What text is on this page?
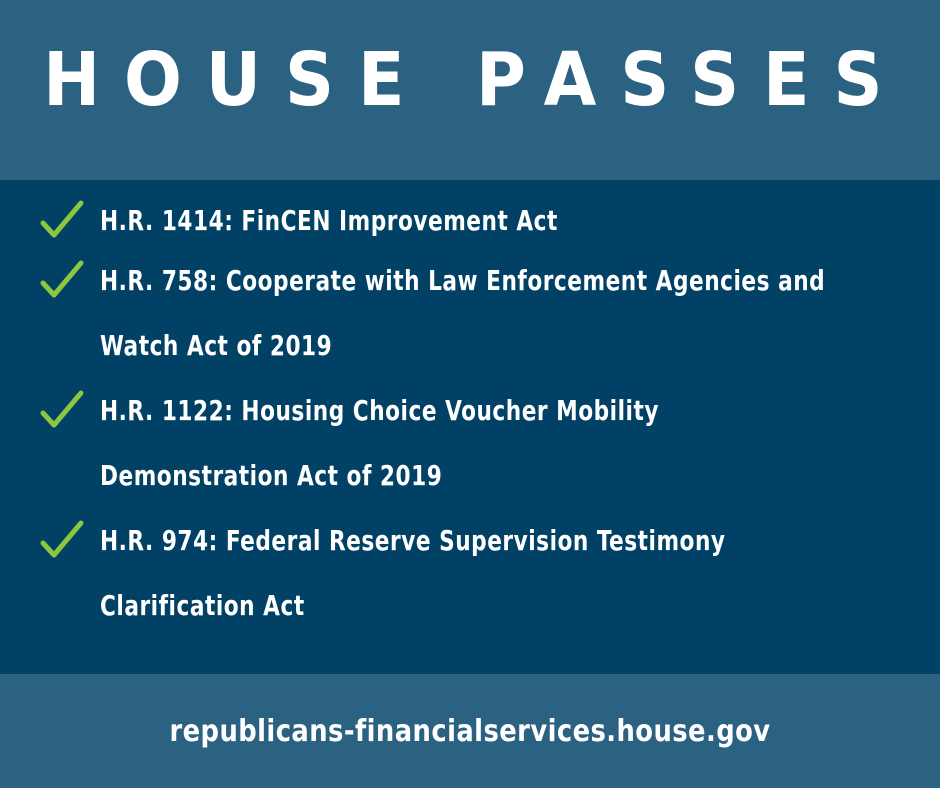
HOUSE PASSES
H.R. 1414: FinCEN Improvement Act
H.R. 758: Cooperate with Law Enforcement Agencies and
Watch Act of 2019
H.R. 1122: Housing Choice Voucher Mobility
Demonstration Act of 2019
H.R. 974: Federal Reserve Supervision Testimony
Clarification Act
republicans-financialservices.house.gov
